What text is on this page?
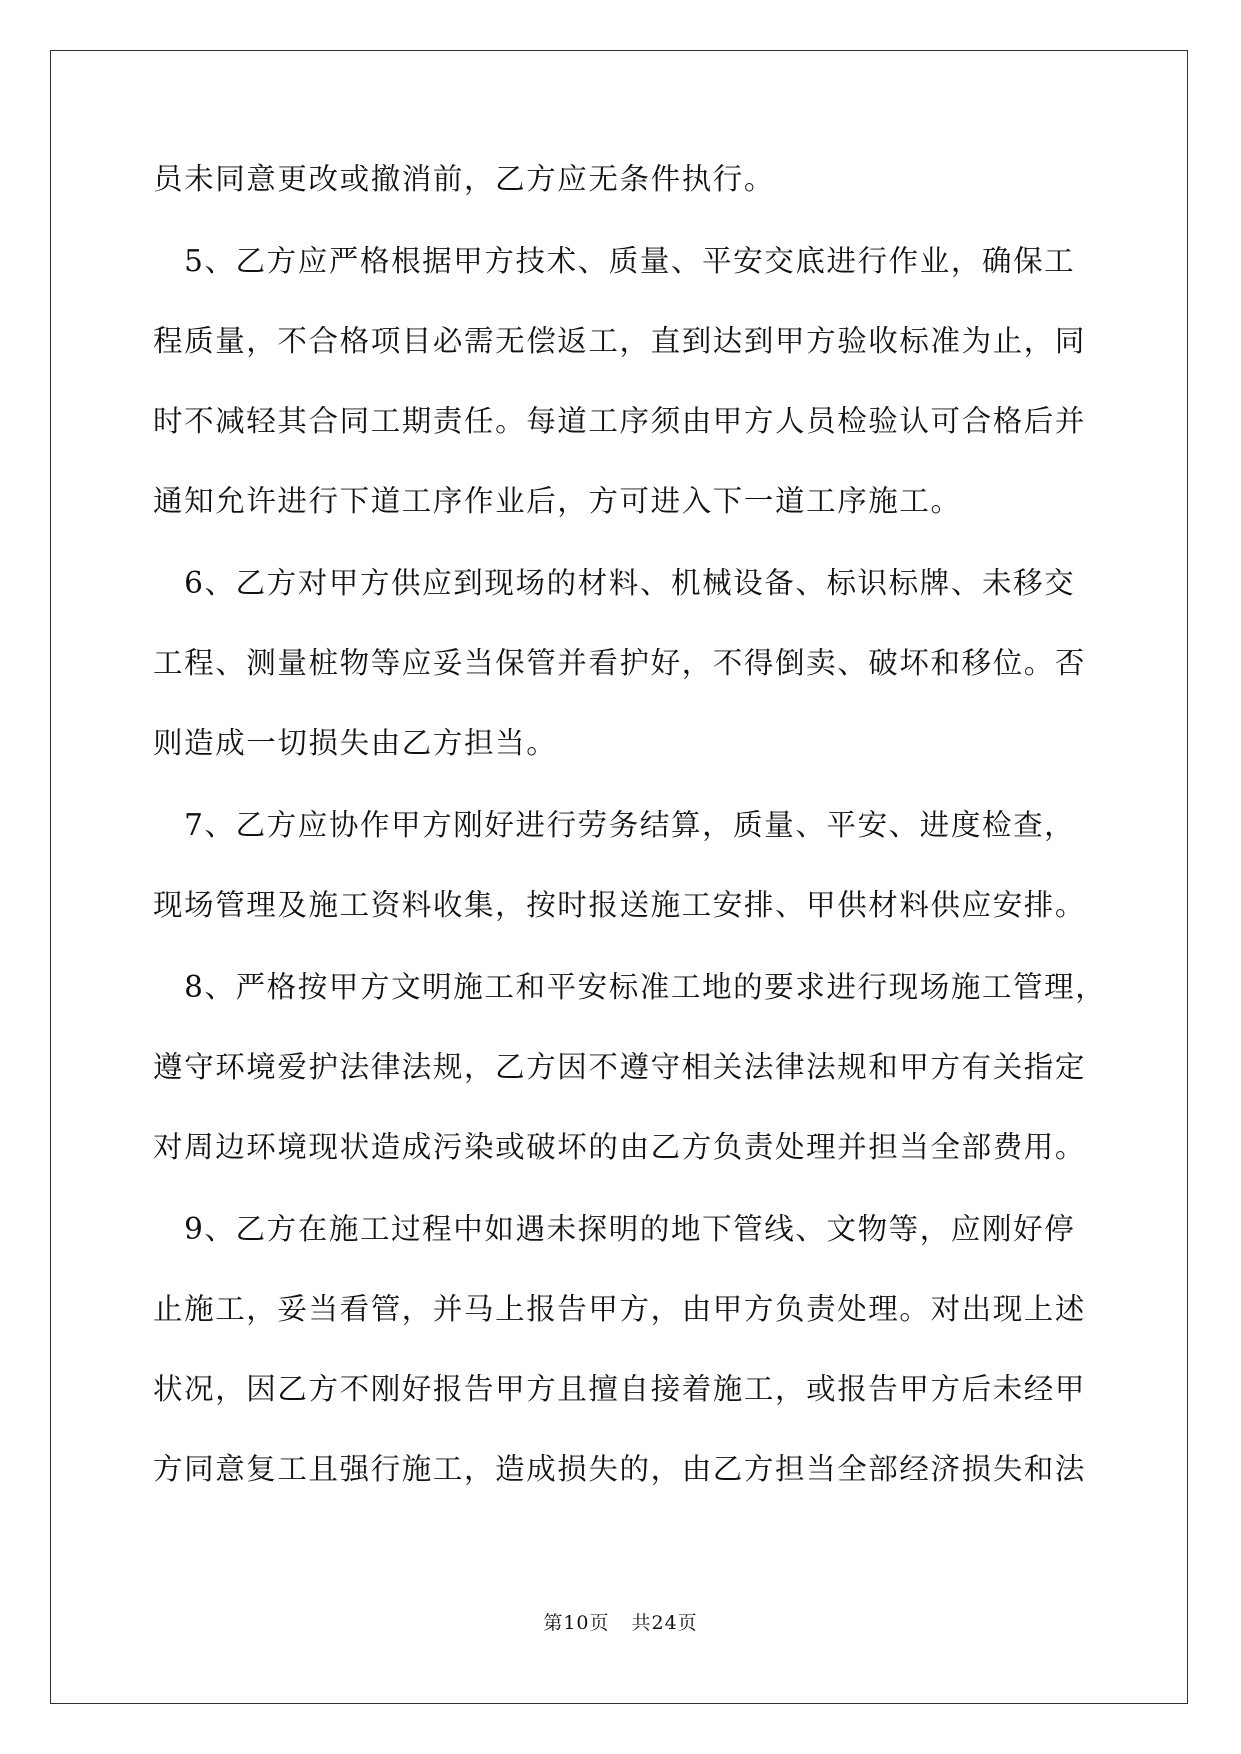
员未同意更改或撤消前，乙方应无条件执行。

　5、乙方应严格根据甲方技术、质量、平安交底进行作业，确保工

程质量，不合格项目必需无偿返工，直到达到甲方验收标准为止，同

时不减轻其合同工期责任。每道工序须由甲方人员检验认可合格后并

通知允许进行下道工序作业后，方可进入下一道工序施工。

　6、乙方对甲方供应到现场的材料、机械设备、标识标牌、未移交

工程、测量桩物等应妥当保管并看护好，不得倒卖、破坏和移位。否

则造成一切损失由乙方担当。

　7、乙方应协作甲方刚好进行劳务结算，质量、平安、进度检查，

现场管理及施工资料收集，按时报送施工安排、甲供材料供应安排。

　8、严格按甲方文明施工和平安标准工地的要求进行现场施工管理，

遵守环境爱护法律法规，乙方因不遵守相关法律法规和甲方有关指定

对周边环境现状造成污染或破坏的由乙方负责处理并担当全部费用。

　9、乙方在施工过程中如遇未探明的地下管线、文物等，应刚好停

止施工，妥当看管，并马上报告甲方，由甲方负责处理。对出现上述

状况，因乙方不刚好报告甲方且擅自接着施工，或报告甲方后未经甲

方同意复工且强行施工，造成损失的，由乙方担当全部经济损失和法

第10页 共24页
